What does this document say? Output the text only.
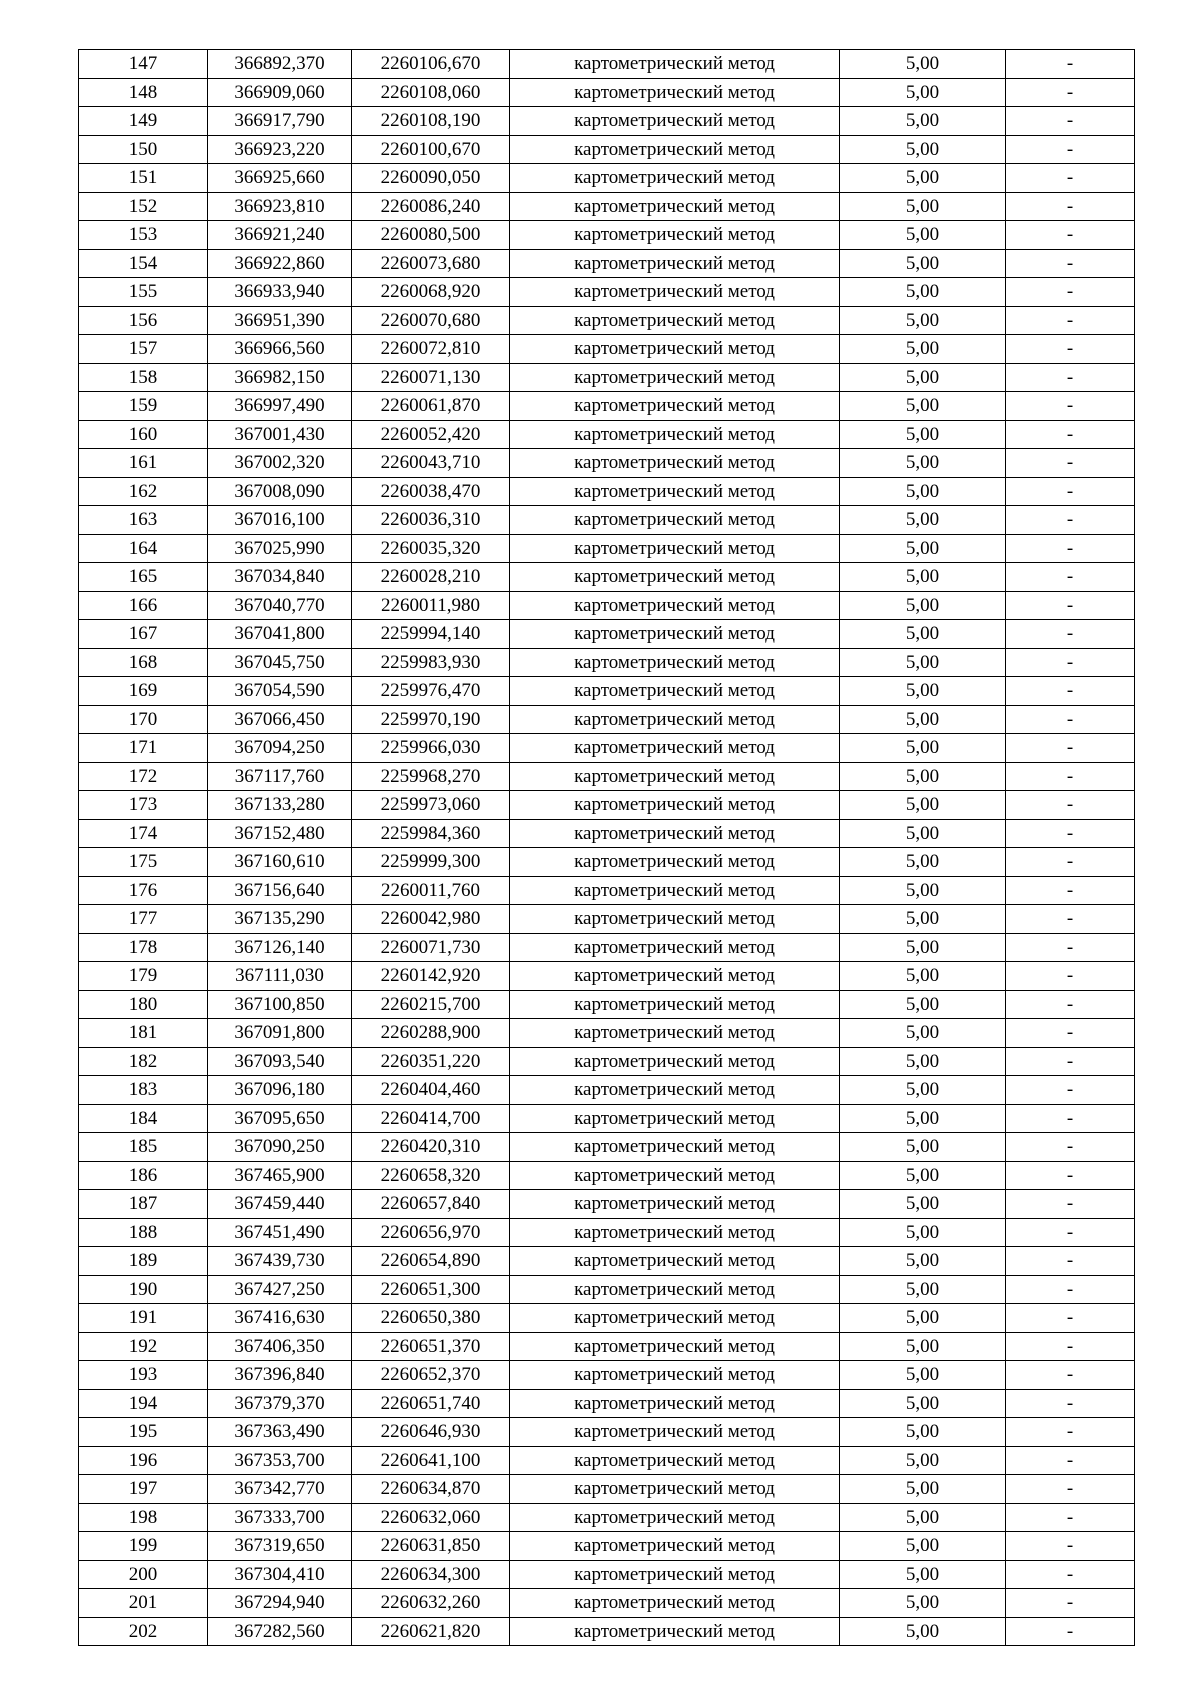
147	366892,370	2260106,670	картометрический метод	5,00	-
148	366909,060	2260108,060	картометрический метод	5,00	-
149	366917,790	2260108,190	картометрический метод	5,00	-
150	366923,220	2260100,670	картометрический метод	5,00	-
151	366925,660	2260090,050	картометрический метод	5,00	-
152	366923,810	2260086,240	картометрический метод	5,00	-
153	366921,240	2260080,500	картометрический метод	5,00	-
154	366922,860	2260073,680	картометрический метод	5,00	-
155	366933,940	2260068,920	картометрический метод	5,00	-
156	366951,390	2260070,680	картометрический метод	5,00	-
157	366966,560	2260072,810	картометрический метод	5,00	-
158	366982,150	2260071,130	картометрический метод	5,00	-
159	366997,490	2260061,870	картометрический метод	5,00	-
160	367001,430	2260052,420	картометрический метод	5,00	-
161	367002,320	2260043,710	картометрический метод	5,00	-
162	367008,090	2260038,470	картометрический метод	5,00	-
163	367016,100	2260036,310	картометрический метод	5,00	-
164	367025,990	2260035,320	картометрический метод	5,00	-
165	367034,840	2260028,210	картометрический метод	5,00	-
166	367040,770	2260011,980	картометрический метод	5,00	-
167	367041,800	2259994,140	картометрический метод	5,00	-
168	367045,750	2259983,930	картометрический метод	5,00	-
169	367054,590	2259976,470	картометрический метод	5,00	-
170	367066,450	2259970,190	картометрический метод	5,00	-
171	367094,250	2259966,030	картометрический метод	5,00	-
172	367117,760	2259968,270	картометрический метод	5,00	-
173	367133,280	2259973,060	картометрический метод	5,00	-
174	367152,480	2259984,360	картометрический метод	5,00	-
175	367160,610	2259999,300	картометрический метод	5,00	-
176	367156,640	2260011,760	картометрический метод	5,00	-
177	367135,290	2260042,980	картометрический метод	5,00	-
178	367126,140	2260071,730	картометрический метод	5,00	-
179	367111,030	2260142,920	картометрический метод	5,00	-
180	367100,850	2260215,700	картометрический метод	5,00	-
181	367091,800	2260288,900	картометрический метод	5,00	-
182	367093,540	2260351,220	картометрический метод	5,00	-
183	367096,180	2260404,460	картометрический метод	5,00	-
184	367095,650	2260414,700	картометрический метод	5,00	-
185	367090,250	2260420,310	картометрический метод	5,00	-
186	367465,900	2260658,320	картометрический метод	5,00	-
187	367459,440	2260657,840	картометрический метод	5,00	-
188	367451,490	2260656,970	картометрический метод	5,00	-
189	367439,730	2260654,890	картометрический метод	5,00	-
190	367427,250	2260651,300	картометрический метод	5,00	-
191	367416,630	2260650,380	картометрический метод	5,00	-
192	367406,350	2260651,370	картометрический метод	5,00	-
193	367396,840	2260652,370	картометрический метод	5,00	-
194	367379,370	2260651,740	картометрический метод	5,00	-
195	367363,490	2260646,930	картометрический метод	5,00	-
196	367353,700	2260641,100	картометрический метод	5,00	-
197	367342,770	2260634,870	картометрический метод	5,00	-
198	367333,700	2260632,060	картометрический метод	5,00	-
199	367319,650	2260631,850	картометрический метод	5,00	-
200	367304,410	2260634,300	картометрический метод	5,00	-
201	367294,940	2260632,260	картометрический метод	5,00	-
202	367282,560	2260621,820	картометрический метод	5,00	-
